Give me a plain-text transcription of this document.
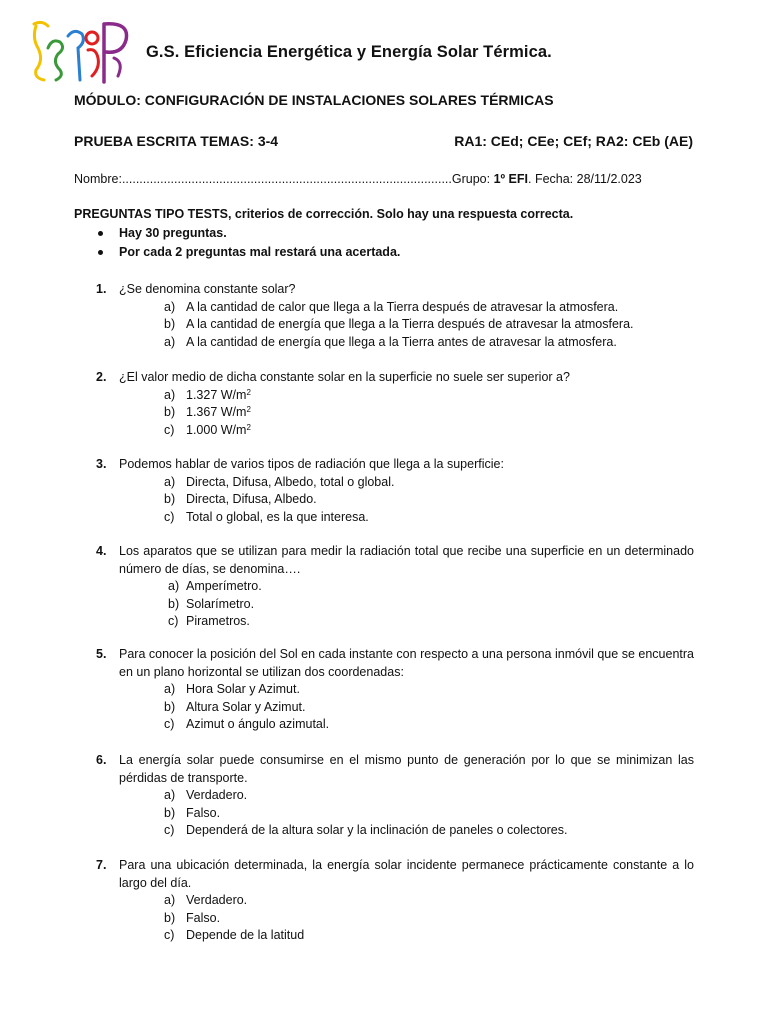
G.S. Eficiencia Energética y Energía Solar Térmica.
MÓDULO: CONFIGURACIÓN DE INSTALACIONES SOLARES TÉRMICAS
PRUEBA ESCRITA TEMAS: 3-4	RA1: CEd; CEe; CEf; RA2: CEb (AE)
Nombre:...............................................................................................Grupo: 1º EFI. Fecha: 28/11/2.023
PREGUNTAS TIPO TESTS, criterios de corrección. Solo hay una respuesta correcta.
Hay 30 preguntas.
Por cada 2 preguntas mal restará una acertada.
1. ¿Se denomina constante solar?
a) A la cantidad de calor que llega a la Tierra después de atravesar la atmosfera.
b) A la cantidad de energía que llega a la Tierra después de atravesar la atmosfera.
a) A la cantidad de energía que llega a la Tierra antes de atravesar la atmosfera.
2. ¿El valor medio de dicha constante solar en la superficie no suele ser superior a?
a) 1.327 $W/m^2$
b) 1.367 $W/m^2$
c) 1.000 $W/m^2$
3. Podemos hablar de varios tipos de radiación que llega a la superficie:
a) Directa, Difusa, Albedo, total o global.
b) Directa, Difusa, Albedo.
c) Total o global, es la que interesa.
4. Los aparatos que se utilizan para medir la radiación total que recibe una superficie en un determinado número de días, se denomina….
a) Amperímetro.
b) Solarímetro.
c) Pirametros.
5. Para conocer la posición del Sol en cada instante con respecto a una persona inmóvil que se encuentra en un plano horizontal se utilizan dos coordenadas:
a) Hora Solar y Azimut.
b) Altura Solar y Azimut.
c) Azimut o ángulo azimutal.
6. La energía solar puede consumirse en el mismo punto de generación por lo que se minimizan las pérdidas de transporte.
a) Verdadero.
b) Falso.
c) Dependerá de la altura solar y la inclinación de paneles o colectores.
7. Para una ubicación determinada, la energía solar incidente permanece prácticamente constante a lo largo del día.
a) Verdadero.
b) Falso.
c) Depende de la latitud
